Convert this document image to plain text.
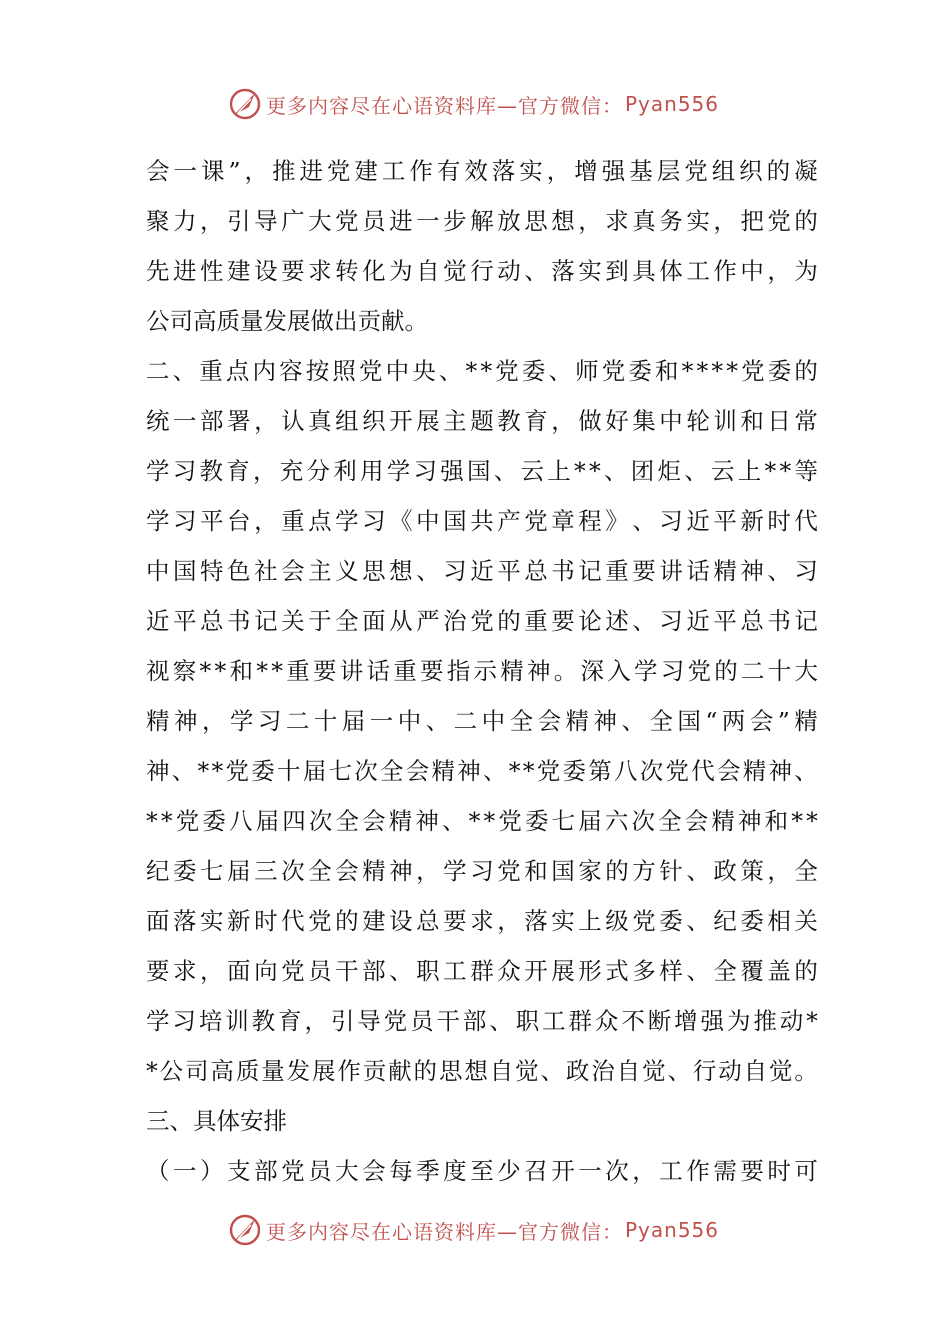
更多内容尽在心语资料库—官方微信： Pyan556
会 一 课 ” ， 推 进 党 建 工 作 有 效 落 实 ， 增 强 基 层 党 组 织 的 凝
聚 力 ， 引 导 广 大 党 员 进 一 步 解 放 思 想 ， 求 真 务 实 ， 把 党 的
先 进 性 建 设 要 求 转 化 为 自 觉 行 动 、 落 实 到 具 体 工 作 中 ， 为
公 司 高 质 量 发 展 做 出 贡 献 。
二 、 重 点 内 容 按 照 党 中 央 、 * * 党 委 、 师 党 委 和 * * * * 党 委 的
统 一 部 署 ， 认 真 组 织 开 展 主 题 教 育 ， 做 好 集 中 轮 训 和 日 常
学 习 教 育 ， 充 分 利 用 学 习 强 国 、 云 上 * * 、 团 炬 、 云 上 * * 等
学 习 平 台 ， 重 点 学 习 《 中 国 共 产 党 章 程 》 、 习 近 平 新 时 代
中 国 特 色 社 会 主 义 思 想 、 习 近 平 总 书 记 重 要 讲 话 精 神 、 习
近 平 总 书 记 关 于 全 面 从 严 治 党 的 重 要 论 述 、 习 近 平 总 书 记
视 察 * * 和 * * 重 要 讲 话 重 要 指 示 精 神 。 深 入 学 习 党 的 二 十 大
精 神 ， 学 习 二 十 届 一 中 、 二 中 全 会 精 神 、 全 国 “ 两 会 ” 精
神 、 * * 党 委 十 届 七 次 全 会 精 神 、 * * 党 委 第 八 次 党 代 会 精 神 、
* * 党 委 八 届 四 次 全 会 精 神 、 * * 党 委 七 届 六 次 全 会 精 神 和 * *
纪 委 七 届 三 次 全 会 精 神 ， 学 习 党 和 国 家 的 方 针 、 政 策 ， 全
面 落 实 新 时 代 党 的 建 设 总 要 求 ， 落 实 上 级 党 委 、 纪 委 相 关
要 求 ， 面 向 党 员 干 部 、 职 工 群 众 开 展 形 式 多 样 、 全 覆 盖 的
学 习 培 训 教 育 ， 引 导 党 员 干 部 、 职 工 群 众 不 断 增 强 为 推 动 *
* 公 司 高 质 量 发 展 作 贡 献 的 思 想 自 觉 、 政 治 自 觉 、 行 动 自 觉 。
三 、 具 体 安 排
（ 一 ） 支 部 党 员 大 会 每 季 度 至 少 召 开 一 次 ， 工 作 需 要 时 可
更多内容尽在心语资料库—官方微信： Pyan556
